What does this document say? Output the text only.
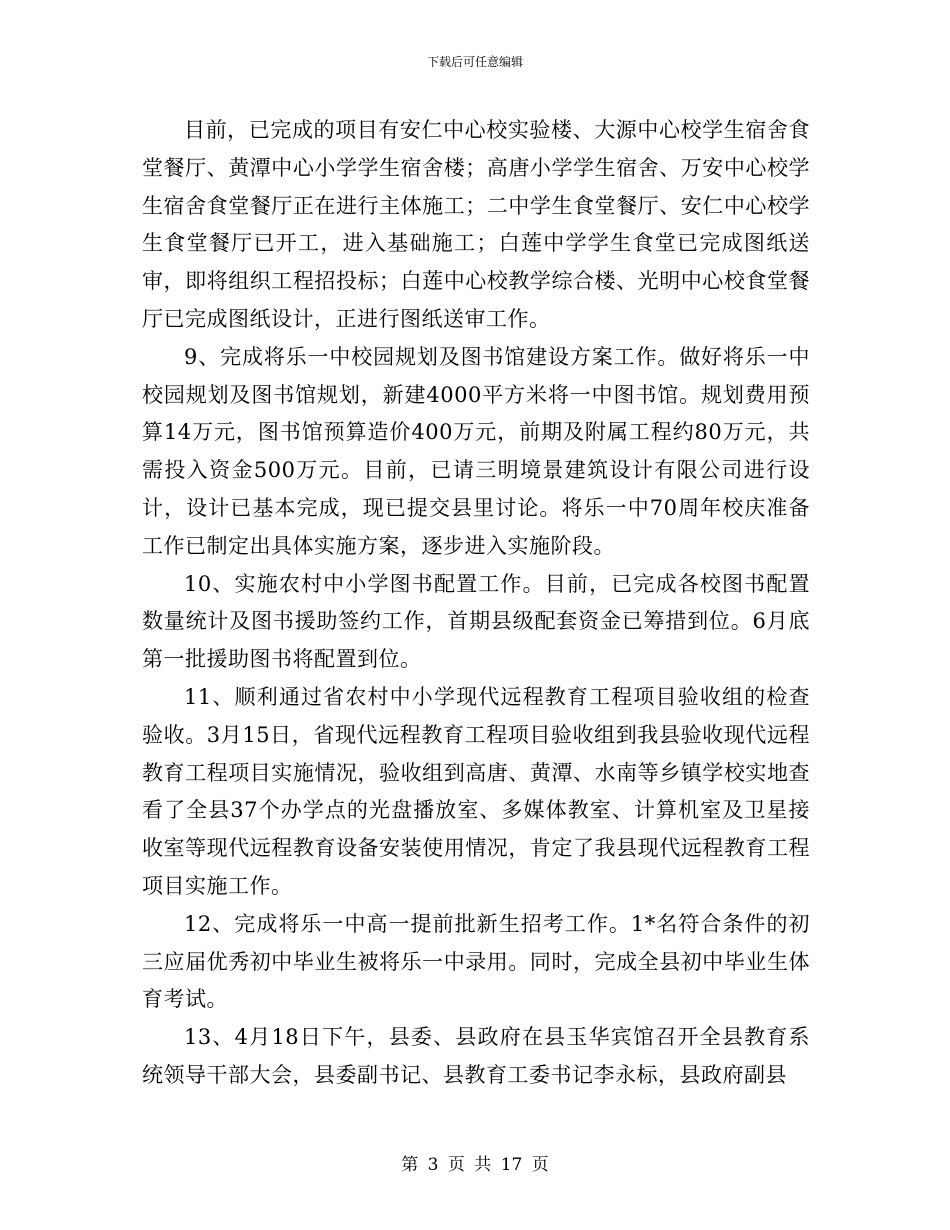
下载后可任意编辑

目前，已完成的项目有安仁中心校实验楼、大源中心校学生宿舍食堂餐厅、黄潭中心小学学生宿舍楼；高唐小学学生宿舍、万安中心校学生宿舍食堂餐厅正在进行主体施工；二中学生食堂餐厅、安仁中心校学生食堂餐厅已开工，进入基础施工；白莲中学学生食堂已完成图纸送审，即将组织工程招投标；白莲中心校教学综合楼、光明中心校食堂餐厅已完成图纸设计，正进行图纸送审工作。

9、完成将乐一中校园规划及图书馆建设方案工作。做好将乐一中校园规划及图书馆规划，新建4000平方米将一中图书馆。规划费用预算14万元，图书馆预算造价400万元，前期及附属工程约80万元，共需投入资金500万元。目前，已请三明境景建筑设计有限公司进行设计，设计已基本完成，现已提交县里讨论。将乐一中70周年校庆准备工作已制定出具体实施方案，逐步进入实施阶段。

10、实施农村中小学图书配置工作。目前，已完成各校图书配置数量统计及图书援助签约工作，首期县级配套资金已筹措到位。6月底第一批援助图书将配置到位。

11、顺利通过省农村中小学现代远程教育工程项目验收组的检查验收。3月15日，省现代远程教育工程项目验收组到我县验收现代远程教育工程项目实施情况，验收组到高唐、黄潭、水南等乡镇学校实地查看了全县37个办学点的光盘播放室、多媒体教室、计算机室及卫星接收室等现代远程教育设备安装使用情况，肯定了我县现代远程教育工程项目实施工作。

12、完成将乐一中高一提前批新生招考工作。1*名符合条件的初三应届优秀初中毕业生被将乐一中录用。同时，完成全县初中毕业生体育考试。

13、4月18日下午，县委、县政府在县玉华宾馆召开全县教育系统领导干部大会，县委副书记、县教育工委书记李永标，县政府副县

第 3 页 共 17 页
